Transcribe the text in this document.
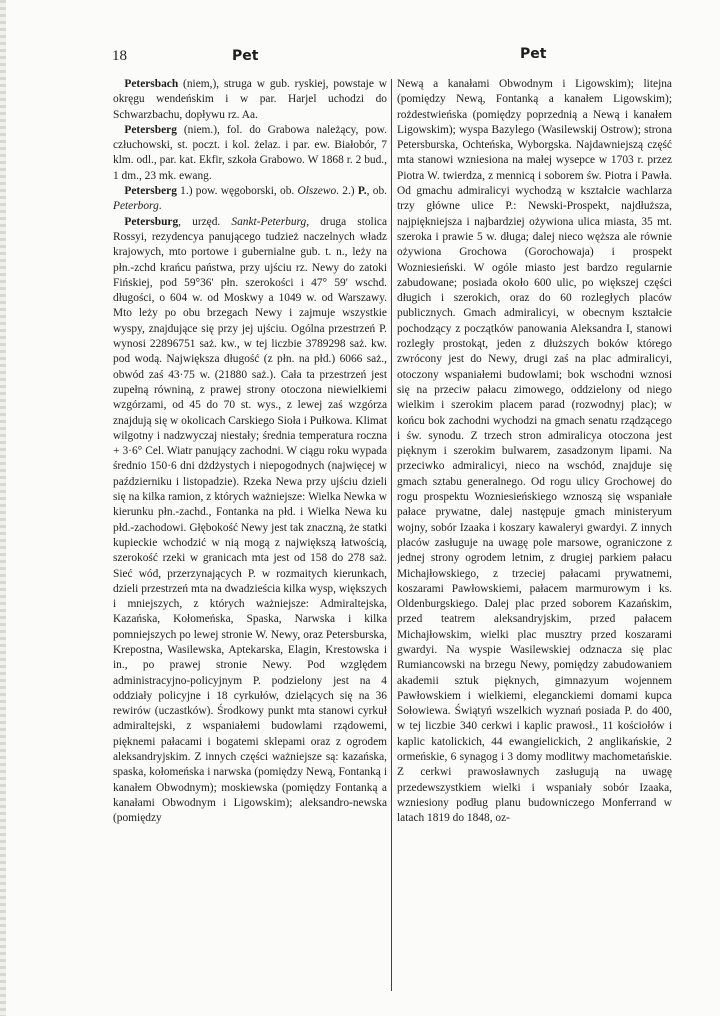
18	Pet	Pet

 Petersbach (niem,), struga w gub. ryskiej, powstaje w okręgu wendeńskim i w par. Harjel uchodzi do Schwarzbachu, dopływu rz. Aa.

 Petersberg (niem.), fol. do Grabowa należący, pow. człuchowski, st. poczt. i kol. żelaz. i par. ew. Białobór, 7 klm. odl., par. kat. Ekfir, szkoła Grabowo. W 1868 r. 2 bud., 1 dm., 23 mk. ewang.

 Petersberg 1.) pow. węgoborski, ob. Olszewo. 2.) P., ob. Peterborg.

 Petersburg, urzęd. Sankt-Peterburg, druga stolica Rossyi, rezydencya panującego tudzież naczelnych władz krajowych, mto portowe i gubernialne gub. t. n., leży na płn.-zchd krańcu państwa, przy ujściu rz. Newy do zatoki Fińskiej, pod 59°36' płn. szerokości i 47° 59' wschd. długości, o 604 w. od Moskwy a 1049 w. od Warszawy. Mto leży po obu brzegach Newy i zajmuje wszystkie wyspy, znajdujące się przy jej ujściu. Ogólna przestrzeń P. wynosi 22896751 saż. kw., w tej liczbie 3789298 saż. kw. pod wodą. Największa długość (z płn. na płd.) 6066 saż., obwód zaś 43·75 w. (21880 saż.). Cała ta przestrzeń jest zupełną równiną, z prawej strony otoczona niewielkiemi wzgórzami, od 45 do 70 st. wys., z lewej zaś wzgórza znajdują się w okolicach Carskiego Sioła i Pułkowa. Klimat wilgotny i nadzwyczaj niestały; średnia temperatura roczna + 3·6° Cel. Wiatr panujący zachodni. W ciągu roku wypada średnio 150·6 dni dżdżystych i niepogodnych (najwięcej w październiku i listopadzie). Rzeka Newa przy ujściu dzieli się na kilka ramion, z których ważniejsze: Wielka Newka w kierunku płn.-zachd., Fontanka na płd. i Wielka Newa ku płd.-zachodowi. Głębokość Newy jest tak znaczną, że statki kupieckie wchodzić w nią mogą z największą łatwością, szerokość rzeki w granicach mta jest od 158 do 278 saż. Sieć wód, przerzynających P. w rozmaitych kierunkach, dzieli przestrzeń mta na dwadzieścia kilka wysp, większych i mniejszych, z których ważniejsze: Admiraltejska, Kazańska, Kołomeńska, Spaska, Narwska i kilka pomniejszych po lewej stronie W. Newy, oraz Petersburska, Krepostna, Wasilewska, Aptekarska, Elagin, Krestowska i in., po prawej stronie Newy. Pod względem administracyjno-policyjnym P. podzielony jest na 4 oddziały policyjne i 18 cyrkułów, dzielących się na 36 rewirów (uczastków). Środkowy punkt mta stanowi cyrkuł admiraltejski, z wspaniałemi budowlami rządowemi, pięknemi pałacami i bogatemi sklepami oraz z ogrodem aleksandryjskim. Z innych części ważniejsze są: kazańska, spaska, kołomeńska i narwska (pomiędzy Newą, Fontanką i kanałem Obwodnym); moskiewska (pomiędzy Fontanką a kanałami Obwodnym i Ligowskim); aleksandro-newska (pomiędzy

Newą a kanałami Obwodnym i Ligowskim); litejna (pomiędzy Newą, Fontanką a kanałem Ligowskim); rożdestwieńska (pomiędzy poprzednią a Newą i kanałem Ligowskim); wyspa Bazylego (Wasilewskij Ostrow); strona Petersburska, Ochteńska, Wyborgska. Najdawniejszą część mta stanowi wzniesiona na małej wysepce w 1703 r. przez Piotra W. twierdza, z mennicą i soborem św. Piotra i Pawła. Od gmachu admiralicyi wychodzą w kształcie wachlarza trzy główne ulice P.: Newski-Prospekt, najdłuższa, najpiękniejsza i najbardziej ożywiona ulica miasta, 35 mt. szeroka i prawie 5 w. długa; dalej nieco węższa ale równie ożywiona Grochowa (Gorochowaja) i prospekt Wozniesieński. W ogóle miasto jest bardzo regularnie zabudowane; posiada około 600 ulic, po większej części długich i szerokich, oraz do 60 rozległych placów publicznych. Gmach admiralicyi, w obecnym kształcie pochodzący z początków panowania Aleksandra I, stanowi rozległy prostokąt, jeden z dłuższych boków którego zwrócony jest do Newy, drugi zaś na plac admiralicyi, otoczony wspaniałemi budowlami; bok wschodni wznosi się na przeciw pałacu zimowego, oddzielony od niego wielkim i szerokim placem parad (rozwodnyj plac); w końcu bok zachodni wychodzi na gmach senatu rządzącego i św. synodu. Z trzech stron admiralicya otoczona jest pięknym i szerokim bulwarem, zasadzonym lipami. Na przeciwko admiralicyi, nieco na wschód, znajduje się gmach sztabu generalnego. Od rogu ulicy Grochowej do rogu prospektu Wozniesieńskiego wznoszą się wspaniałe pałace prywatne, dalej następuje gmach ministeryum wojny, sobór Izaaka i koszary kawaleryi gwardyi. Z innych placów zasługuje na uwagę pole marsowe, ograniczone z jednej strony ogrodem letnim, z drugiej parkiem pałacu Michajłowskiego, z trzeciej pałacami prywatnemi, koszarami Pawłowskiemi, pałacem marmurowym i ks. Oldenburgskiego. Dalej plac przed soborem Kazańskim, przed teatrem aleksandryjskim, przed pałacem Michajłowskim, wielki plac musztry przed koszarami gwardyi. Na wyspie Wasilewskiej odznacza się plac Rumiancowski na brzegu Newy, pomiędzy zabudowaniem akademii sztuk pięknych, gimnazyum wojennem Pawłowskiem i wielkiemi, eleganckiemi domami kupca Sołowiewa. Świątyń wszelkich wyznań posiada P. do 400, w tej liczbie 340 cerkwi i kaplic prawosł., 11 kościołów i kaplic katolickich, 44 ewangielickich, 2 anglikańskie, 2 ormeńskie, 6 synagog i 3 domy modlitwy machometańskie. Z cerkwi prawosławnych zasługują na uwagę przedewszystkiem wielki i wspaniały sobór Izaaka, wzniesiony podług planu budowniczego Monferrand w latach 1819 do 1848, oz-
